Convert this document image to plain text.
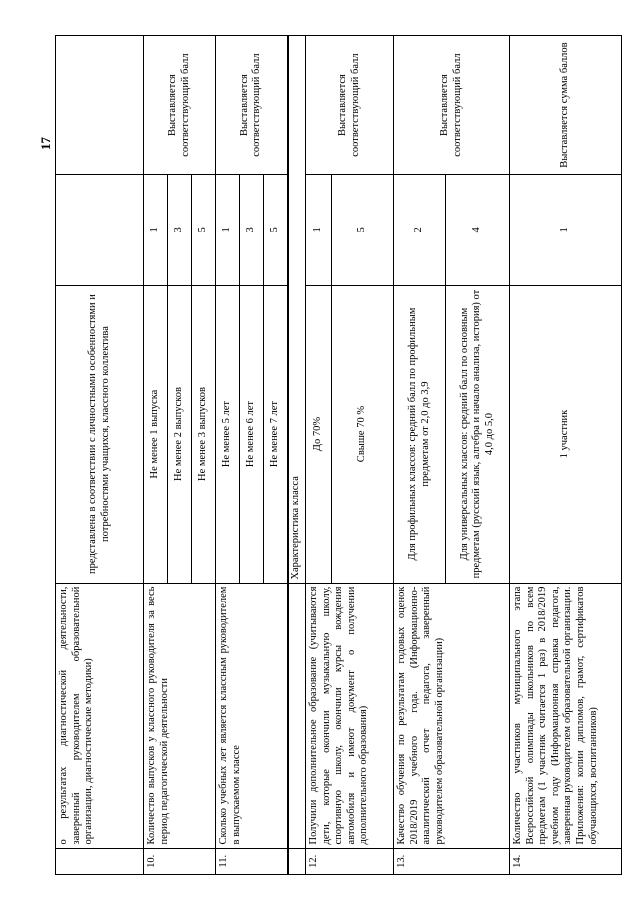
17
	о результатах диагностической деятельности, заверенный руководителем образовательной организации, диагностические методики)	представлена в соответствии с личностными особенностями и потребностями учащихся, классного коллектива		
10.	Количество выпусков у классного руководителя за весь период педагогической деятельности	Не менее 1 выпуска	1	Выставляется соответствующий балл
		Не менее 2 выпусков	3	
		Не менее 3 выпусков	5	
11.	Сколько учебных лет является классным руководителем в выпускаемом классе	Не менее 5 лет	1	Выставляется соответствующий балл
		Не менее 6 лет	3	
		Не менее 7 лет	5	
		Характеристика класса		
12.	Получили дополнительное образование (учитываются дети, которые окончили музыкальную школу, спортивную школу, окончили курсы вождения автомобиля и имеют документ о получении дополнительного образования)	До 70%	1	Выставляется соответствующий балл
		Свыше 70 %	5	
13.	Качество обучения по результатам годовых оценок 2018/2019 учебного года. (Информационно-аналитический отчет педагога, заверенный руководителем образовательной организации)	Для профильных классов: средний балл по профильным предметам от 2,0 до 3,9	2	Выставляется соответствующий балл
		Для универсальных классов: средний балл по основным предметам (русский язык, алгебра и начало анализа, история) от 4,0 до 5,0	4	
14.	Количество участников муниципального этапа Всероссийской олимпиады школьников по всем предметам (1 участник считается 1 раз) в 2018/2019 учебном году (Информационная справка педагога, заверенная руководителем образовательной организации. Приложения: копии дипломов, грамот, сертификатов обучающихся, воспитанников)	1 участник	1	Выставляется сумма баллов
